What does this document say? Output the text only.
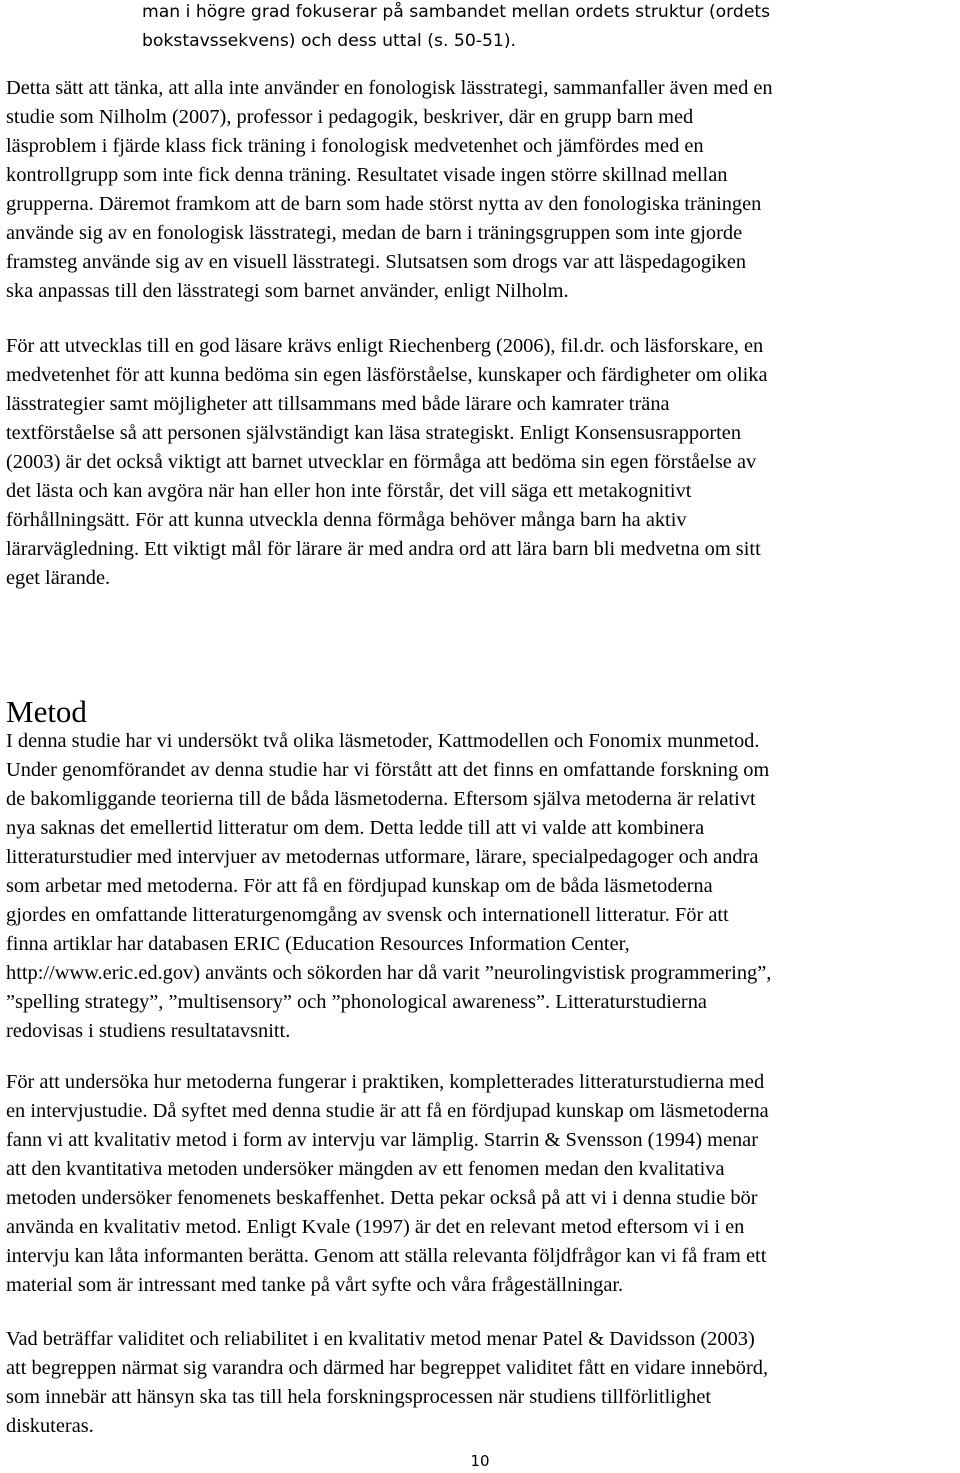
man i högre grad fokuserar på sambandet mellan ordets struktur (ordets
bokstavssekvens) och dess uttal (s. 50-51).
Detta sätt att tänka, att alla inte använder en fonologisk lässtrategi, sammanfaller även med en
studie som Nilholm (2007), professor i pedagogik, beskriver, där en grupp barn med
läsproblem i fjärde klass fick träning i fonologisk medvetenhet och jämfördes med en
kontrollgrupp som inte fick denna träning. Resultatet visade ingen större skillnad mellan
grupperna. Däremot framkom att de barn som hade störst nytta av den fonologiska träningen
använde sig av en fonologisk lässtrategi, medan de barn i träningsgruppen som inte gjorde
framsteg använde sig av en visuell lässtrategi. Slutsatsen som drogs var att läspedagogiken
ska anpassas till den lässtrategi som barnet använder, enligt Nilholm.
För att utvecklas till en god läsare krävs enligt Riechenberg (2006), fil.dr. och läsforskare, en
medvetenhet för att kunna bedöma sin egen läsförståelse, kunskaper och färdigheter om olika
lässtrategier samt möjligheter att tillsammans med både lärare och kamrater träna
textförståelse så att personen självständigt kan läsa strategiskt. Enligt Konsensusrapporten
(2003) är det också viktigt att barnet utvecklar en förmåga att bedöma sin egen förståelse av
det lästa och kan avgöra när han eller hon inte förstår, det vill säga ett metakognitivt
förhållningsätt. För att kunna utveckla denna förmåga behöver många barn ha aktiv
lärarvägledning. Ett viktigt mål för lärare är med andra ord att lära barn bli medvetna om sitt
eget lärande.
Metod
I denna studie har vi undersökt två olika läsmetoder, Kattmodellen och Fonomix munmetod.
Under genomförandet av denna studie har vi förstått att det finns en omfattande forskning om
de bakomliggande teorierna till de båda läsmetoderna. Eftersom själva metoderna är relativt
nya saknas det emellertid litteratur om dem. Detta ledde till att vi valde att kombinera
litteraturstudier med intervjuer av metodernas utformare, lärare, specialpedagoger och andra
som arbetar med metoderna. För att få en fördjupad kunskap om de båda läsmetoderna
gjordes en omfattande litteraturgenomgång av svensk och internationell litteratur. För att
finna artiklar har databasen ERIC (Education Resources Information Center,
http://www.eric.ed.gov) använts och sökorden har då varit ”neurolingvistisk programmering”,
”spelling strategy”, ”multisensory” och ”phonological awareness”. Litteraturstudierna
redovisas i studiens resultatavsnitt.
För att undersöka hur metoderna fungerar i praktiken, kompletterades litteraturstudierna med
en intervjustudie. Då syftet med denna studie är att få en fördjupad kunskap om läsmetoderna
fann vi att kvalitativ metod i form av intervju var lämplig. Starrin & Svensson (1994) menar
att den kvantitativa metoden undersöker mängden av ett fenomen medan den kvalitativa
metoden undersöker fenomenets beskaffenhet. Detta pekar också på att vi i denna studie bör
använda en kvalitativ metod. Enligt Kvale (1997) är det en relevant metod eftersom vi i en
intervju kan låta informanten berätta. Genom att ställa relevanta följdfrågor kan vi få fram ett
material som är intressant med tanke på vårt syfte och våra frågeställningar.
Vad beträffar validitet och reliabilitet i en kvalitativ metod menar Patel & Davidsson (2003)
att begreppen närmat sig varandra och därmed har begreppet validitet fått en vidare innebörd,
som innebär att hänsyn ska tas till hela forskningsprocessen när studiens tillförlitlighet
diskuteras.
10
